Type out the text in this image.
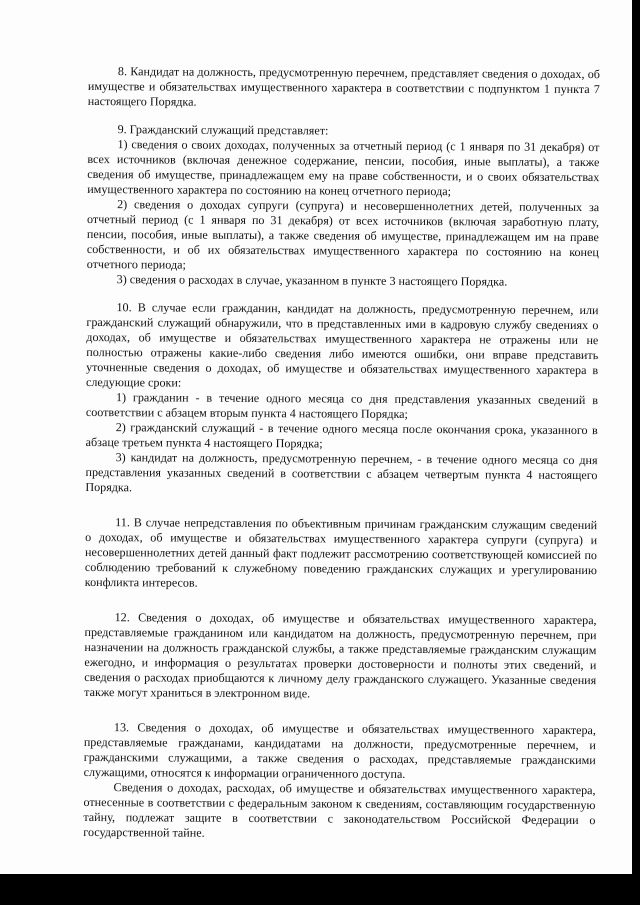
8. Кандидат на должность, предусмотренную перечнем, представляет сведения о доходах, об имуществе и обязательствах имущественного характера в соответствии с подпунктом 1 пункта 7 настоящего Порядка.

9. Гражданский служащий представляет:

1) сведения о своих доходах, полученных за отчетный период (с 1 января по 31 декабря) от всех источников (включая денежное содержание, пенсии, пособия, иные выплаты), а также сведения об имуществе, принадлежащем ему на праве собственности, и о своих обязательствах имущественного характера по состоянию на конец отчетного периода;

2) сведения о доходах супруги (супруга) и несовершеннолетних детей, полученных за отчетный период (с 1 января по 31 декабря) от всех источников (включая заработную плату, пенсии, пособия, иные выплаты), а также сведения об имуществе, принадлежащем им на праве собственности, и об их обязательствах имущественного характера по состоянию на конец отчетного периода;

3) сведения о расходах в случае, указанном в пункте 3 настоящего Порядка.

10. В случае если гражданин, кандидат на должность, предусмотренную перечнем, или гражданский служащий обнаружили, что в представленных ими в кадровую службу сведениях о доходах, об имуществе и обязательствах имущественного характера не отражены или не полностью отражены какие-либо сведения либо имеются ошибки, они вправе представить уточненные сведения о доходах, об имуществе и обязательствах имущественного характера в следующие сроки:

1) гражданин - в течение одного месяца со дня представления указанных сведений в соответствии с абзацем вторым пункта 4 настоящего Порядка;

2) гражданский служащий - в течение одного месяца после окончания срока, указанного в абзаце третьем пункта 4 настоящего Порядка;

3) кандидат на должность, предусмотренную перечнем, - в течение одного месяца со дня представления указанных сведений в соответствии с абзацем четвертым пункта 4 настоящего Порядка.

11. В случае непредставления по объективным причинам гражданским служащим сведений о доходах, об имуществе и обязательствах имущественного характера супруги (супруга) и несовершеннолетних детей данный факт подлежит рассмотрению соответствующей комиссией по соблюдению требований к служебному поведению гражданских служащих и урегулированию конфликта интересов.

12. Сведения о доходах, об имуществе и обязательствах имущественного характера, представляемые гражданином или кандидатом на должность, предусмотренную перечнем, при назначении на должность гражданской службы, а также представляемые гражданским служащим ежегодно, и информация о результатах проверки достоверности и полноты этих сведений, и сведения о расходах приобщаются к личному делу гражданского служащего. Указанные сведения также могут храниться в электронном виде.

13. Сведения о доходах, об имуществе и обязательствах имущественного характера, представляемые гражданами, кандидатами на должности, предусмотренные перечнем, и гражданскими служащими, а также сведения о расходах, представляемые гражданскими служащими, относятся к информации ограниченного доступа.

Сведения о доходах, расходах, об имуществе и обязательствах имущественного характера, отнесенные в соответствии с федеральным законом к сведениям, составляющим государственную тайну, подлежат защите в соответствии с законодательством Российской Федерации о государственной тайне.
